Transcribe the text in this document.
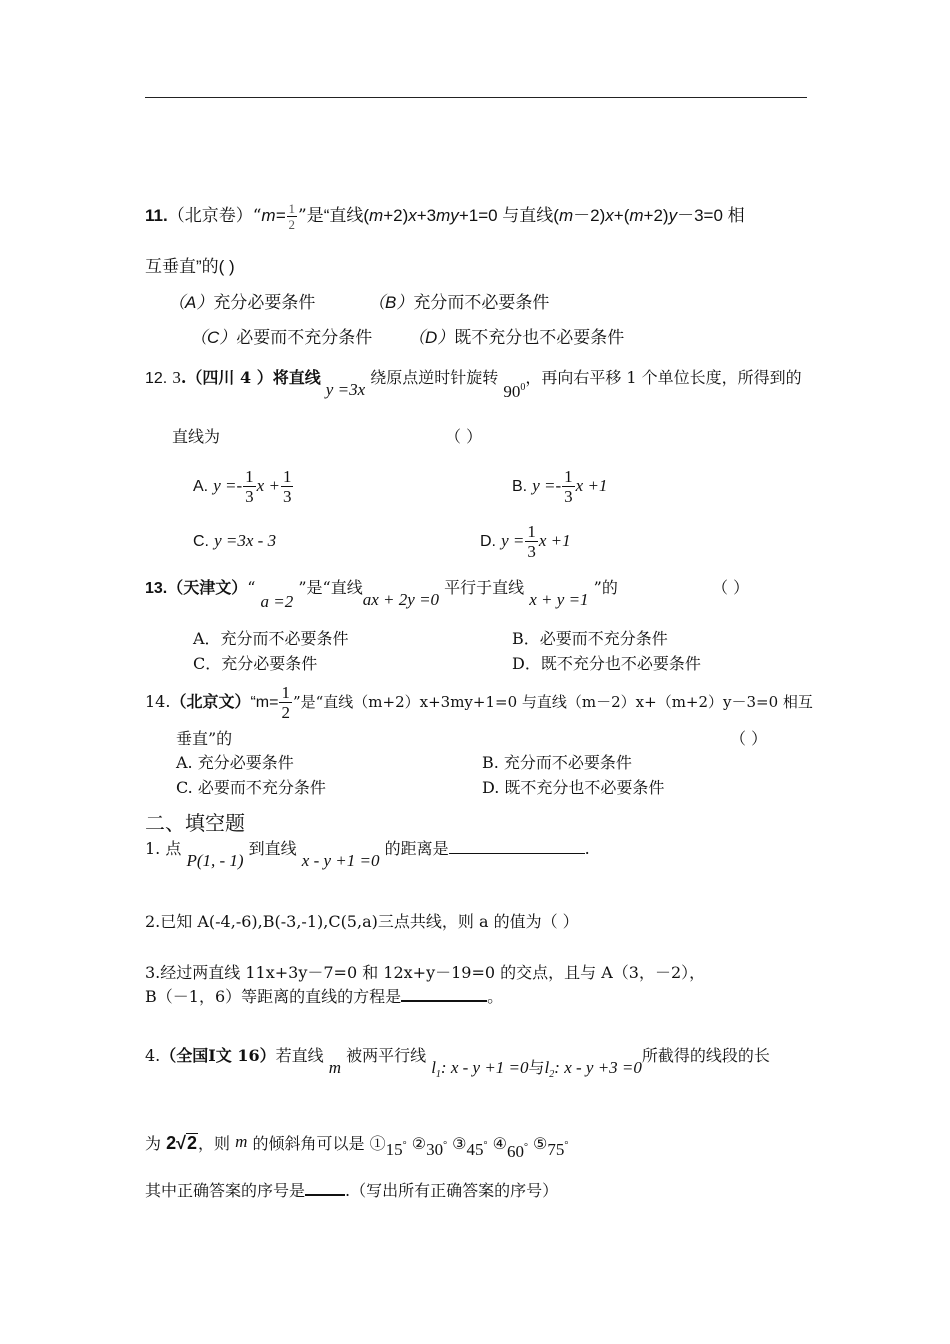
11.（北京卷）“m= $\frac{1}{2}$ ”是“直线(m+2)x+3my+1=0 与直线(m－2)x+(m+2)y－3=0 相
互垂直”的( )
（A）充分必要条件	（B）充分而不必要条件
（C）必要而不充分条件 （D）既不充分也不必要条件
12. 3.（四川 4 ）将直线 y =3x 绕原点逆时针旋转 $90^0$，再向右平移 1 个单位长度，所得到的
直线为	（ ）
A. $y =- \frac{1}{3}$ $x + \frac{1}{3}$	B. $y =- \frac{1}{3}$ x +1
C. y =3x - 3	D. $y = \frac{1}{3}$ x +1
13.（天津文）“ a =2 ”是“直线ax + 2y =0 平行于直线 x + y =1 ”的	（ ）
A．充分而不必要条件	B．必要而不充分条件
C．充分必要条件	D．既不充分也不必要条件
14.（北京文）“m= $\frac{1}{2}$ ”是“直线（m+2）x+3my+1=0 与直线（m－2）x+（m+2）y－3=0 相互
垂直”的	（ ）
A. 充分必要条件	B. 充分而不必要条件
C. 必要而不充分条件	D. 既不充分也不必要条件
二、填空题
1. 点 P(1, - 1) 到直线 x - y +1 =0 的距离是	.
2.已知 A(-4,-6),B(-3,-1),C(5,a)三点共线，则 a 的值为（ ）
3.经过两直线 11x+3y－7=0 和 12x+y－19=0 的交点，且与 A（3，－2），
B（－1，6）等距离的直线的方程是	。
4.（全国Ⅰ文 16）若直线 m 被两平行线 $l_1$: x - y +1 =0与$l_2$: x - y +3 =0所截得的线段的长
为 2√2，则 m 的倾斜角可以是 ①15° ②30° ③45° ④60° ⑤75°
其中正确答案的序号是	.（写出所有正确答案的序号）
